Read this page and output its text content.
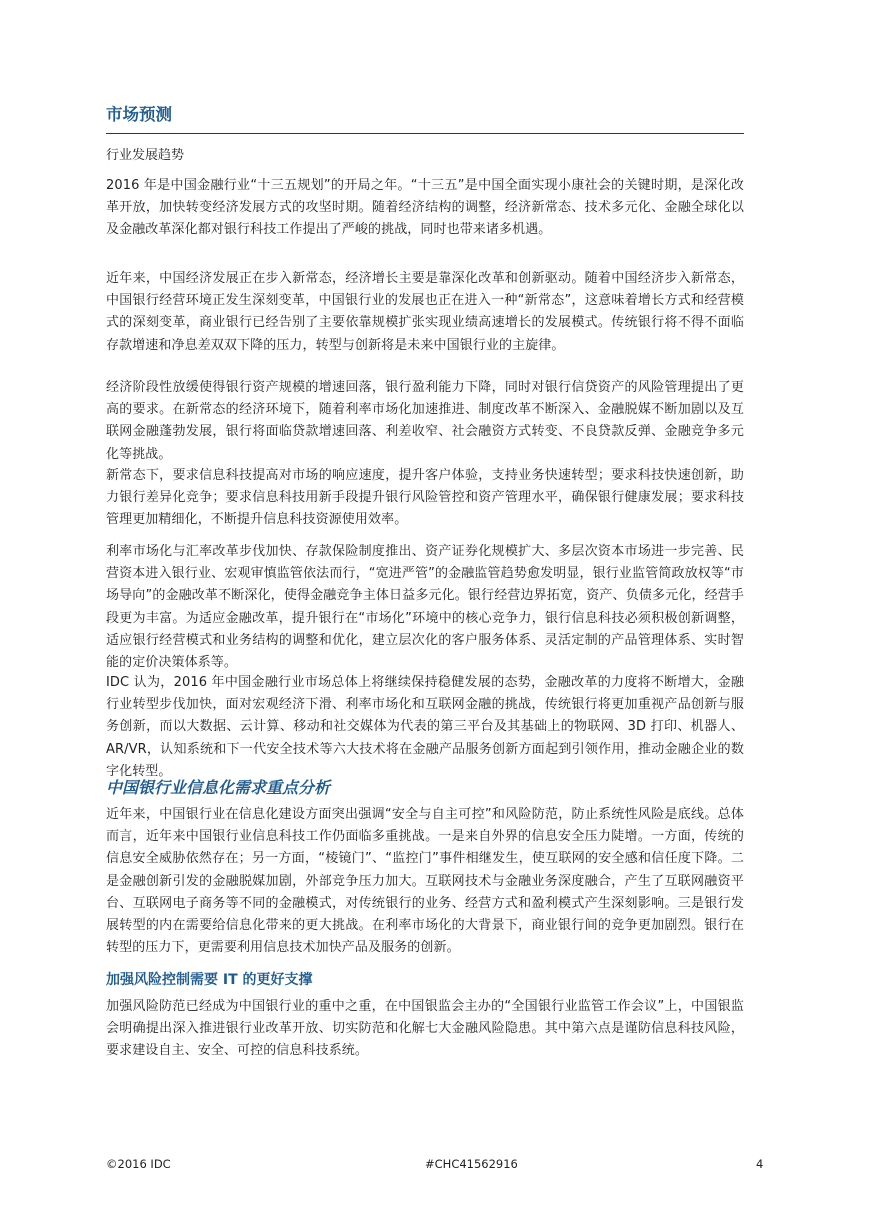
市场预测
行业发展趋势
2016 年是中国金融行业“十三五规划”的开局之年。“十三五”是中国全面实现小康社会的关键时期，是深化改革开放，加快转变经济发展方式的攻坚时期。随着经济结构的调整，经济新常态、技术多元化、金融全球化以及金融改革深化都对银行科技工作提出了严峻的挑战，同时也带来诸多机遇。
近年来，中国经济发展正在步入新常态，经济增长主要是靠深化改革和创新驱动。随着中国经济步入新常态，中国银行经营环境正发生深刻变革，中国银行业的发展也正在进入一种“新常态”，这意味着增长方式和经营模式的深刻变革，商业银行已经告别了主要依靠规模扩张实现业绩高速增长的发展模式。传统银行将不得不面临存款增速和净息差双双下降的压力，转型与创新将是未来中国银行业的主旋律。
经济阶段性放缓使得银行资产规模的增速回落，银行盈利能力下降，同时对银行信贷资产的风险管理提出了更高的要求。在新常态的经济环境下，随着利率市场化加速推进、制度改革不断深入、金融脱媒不断加剧以及互联网金融蓬勃发展，银行将面临贷款增速回落、利差收窄、社会融资方式转变、不良贷款反弹、金融竞争多元化等挑战。
新常态下，要求信息科技提高对市场的响应速度，提升客户体验，支持业务快速转型；要求科技快速创新，助力银行差异化竞争；要求信息科技用新手段提升银行风险管控和资产管理水平，确保银行健康发展；要求科技管理更加精细化，不断提升信息科技资源使用效率。
利率市场化与汇率改革步伐加快、存款保险制度推出、资产证券化规模扩大、多层次资本市场进一步完善、民营资本进入银行业、宏观审慎监管依法而行，“宽进严管”的金融监管趋势愈发明显，银行业监管简政放权等“市场导向”的金融改革不断深化，使得金融竞争主体日益多元化。银行经营边界拓宽，资产、负债多元化，经营手段更为丰富。为适应金融改革，提升银行在“市场化”环境中的核心竞争力，银行信息科技必须积极创新调整，适应银行经营模式和业务结构的调整和优化，建立层次化的客户服务体系、灵活定制的产品管理体系、实时智能的定价决策体系等。
IDC 认为，2016 年中国金融行业市场总体上将继续保持稳健发展的态势，金融改革的力度将不断增大，金融行业转型步伐加快，面对宏观经济下滑、利率市场化和互联网金融的挑战，传统银行将更加重视产品创新与服务创新，而以大数据、云计算、移动和社交媒体为代表的第三平台及其基础上的物联网、3D 打印、机器人、AR/VR，认知系统和下一代安全技术等六大技术将在金融产品服务创新方面起到引领作用，推动金融企业的数字化转型。
中国银行业信息化需求重点分析
近年来，中国银行业在信息化建设方面突出强调“安全与自主可控”和风险防范，防止系统性风险是底线。总体而言，近年来中国银行业信息科技工作仍面临多重挑战。一是来自外界的信息安全压力陡增。一方面，传统的信息安全威胁依然存在；另一方面，“棱镜门”、“监控门”事件相继发生，使互联网的安全感和信任度下降。二是金融创新引发的金融脱媒加剧，外部竞争压力加大。互联网技术与金融业务深度融合，产生了互联网融资平台、互联网电子商务等不同的金融模式，对传统银行的业务、经营方式和盈利模式产生深刻影响。三是银行发展转型的内在需要给信息化带来的更大挑战。在利率市场化的大背景下，商业银行间的竞争更加剧烈。银行在转型的压力下，更需要利用信息技术加快产品及服务的创新。
加强风险控制需要 IT 的更好支撑
加强风险防范已经成为中国银行业的重中之重，在中国银监会主办的“全国银行业监管工作会议”上，中国银监会明确提出深入推进银行业改革开放、切实防范和化解七大金融风险隐患。其中第六点是谨防信息科技风险，要求建设自主、安全、可控的信息科技系统。
©2016 IDC	#CHC41562916	4
